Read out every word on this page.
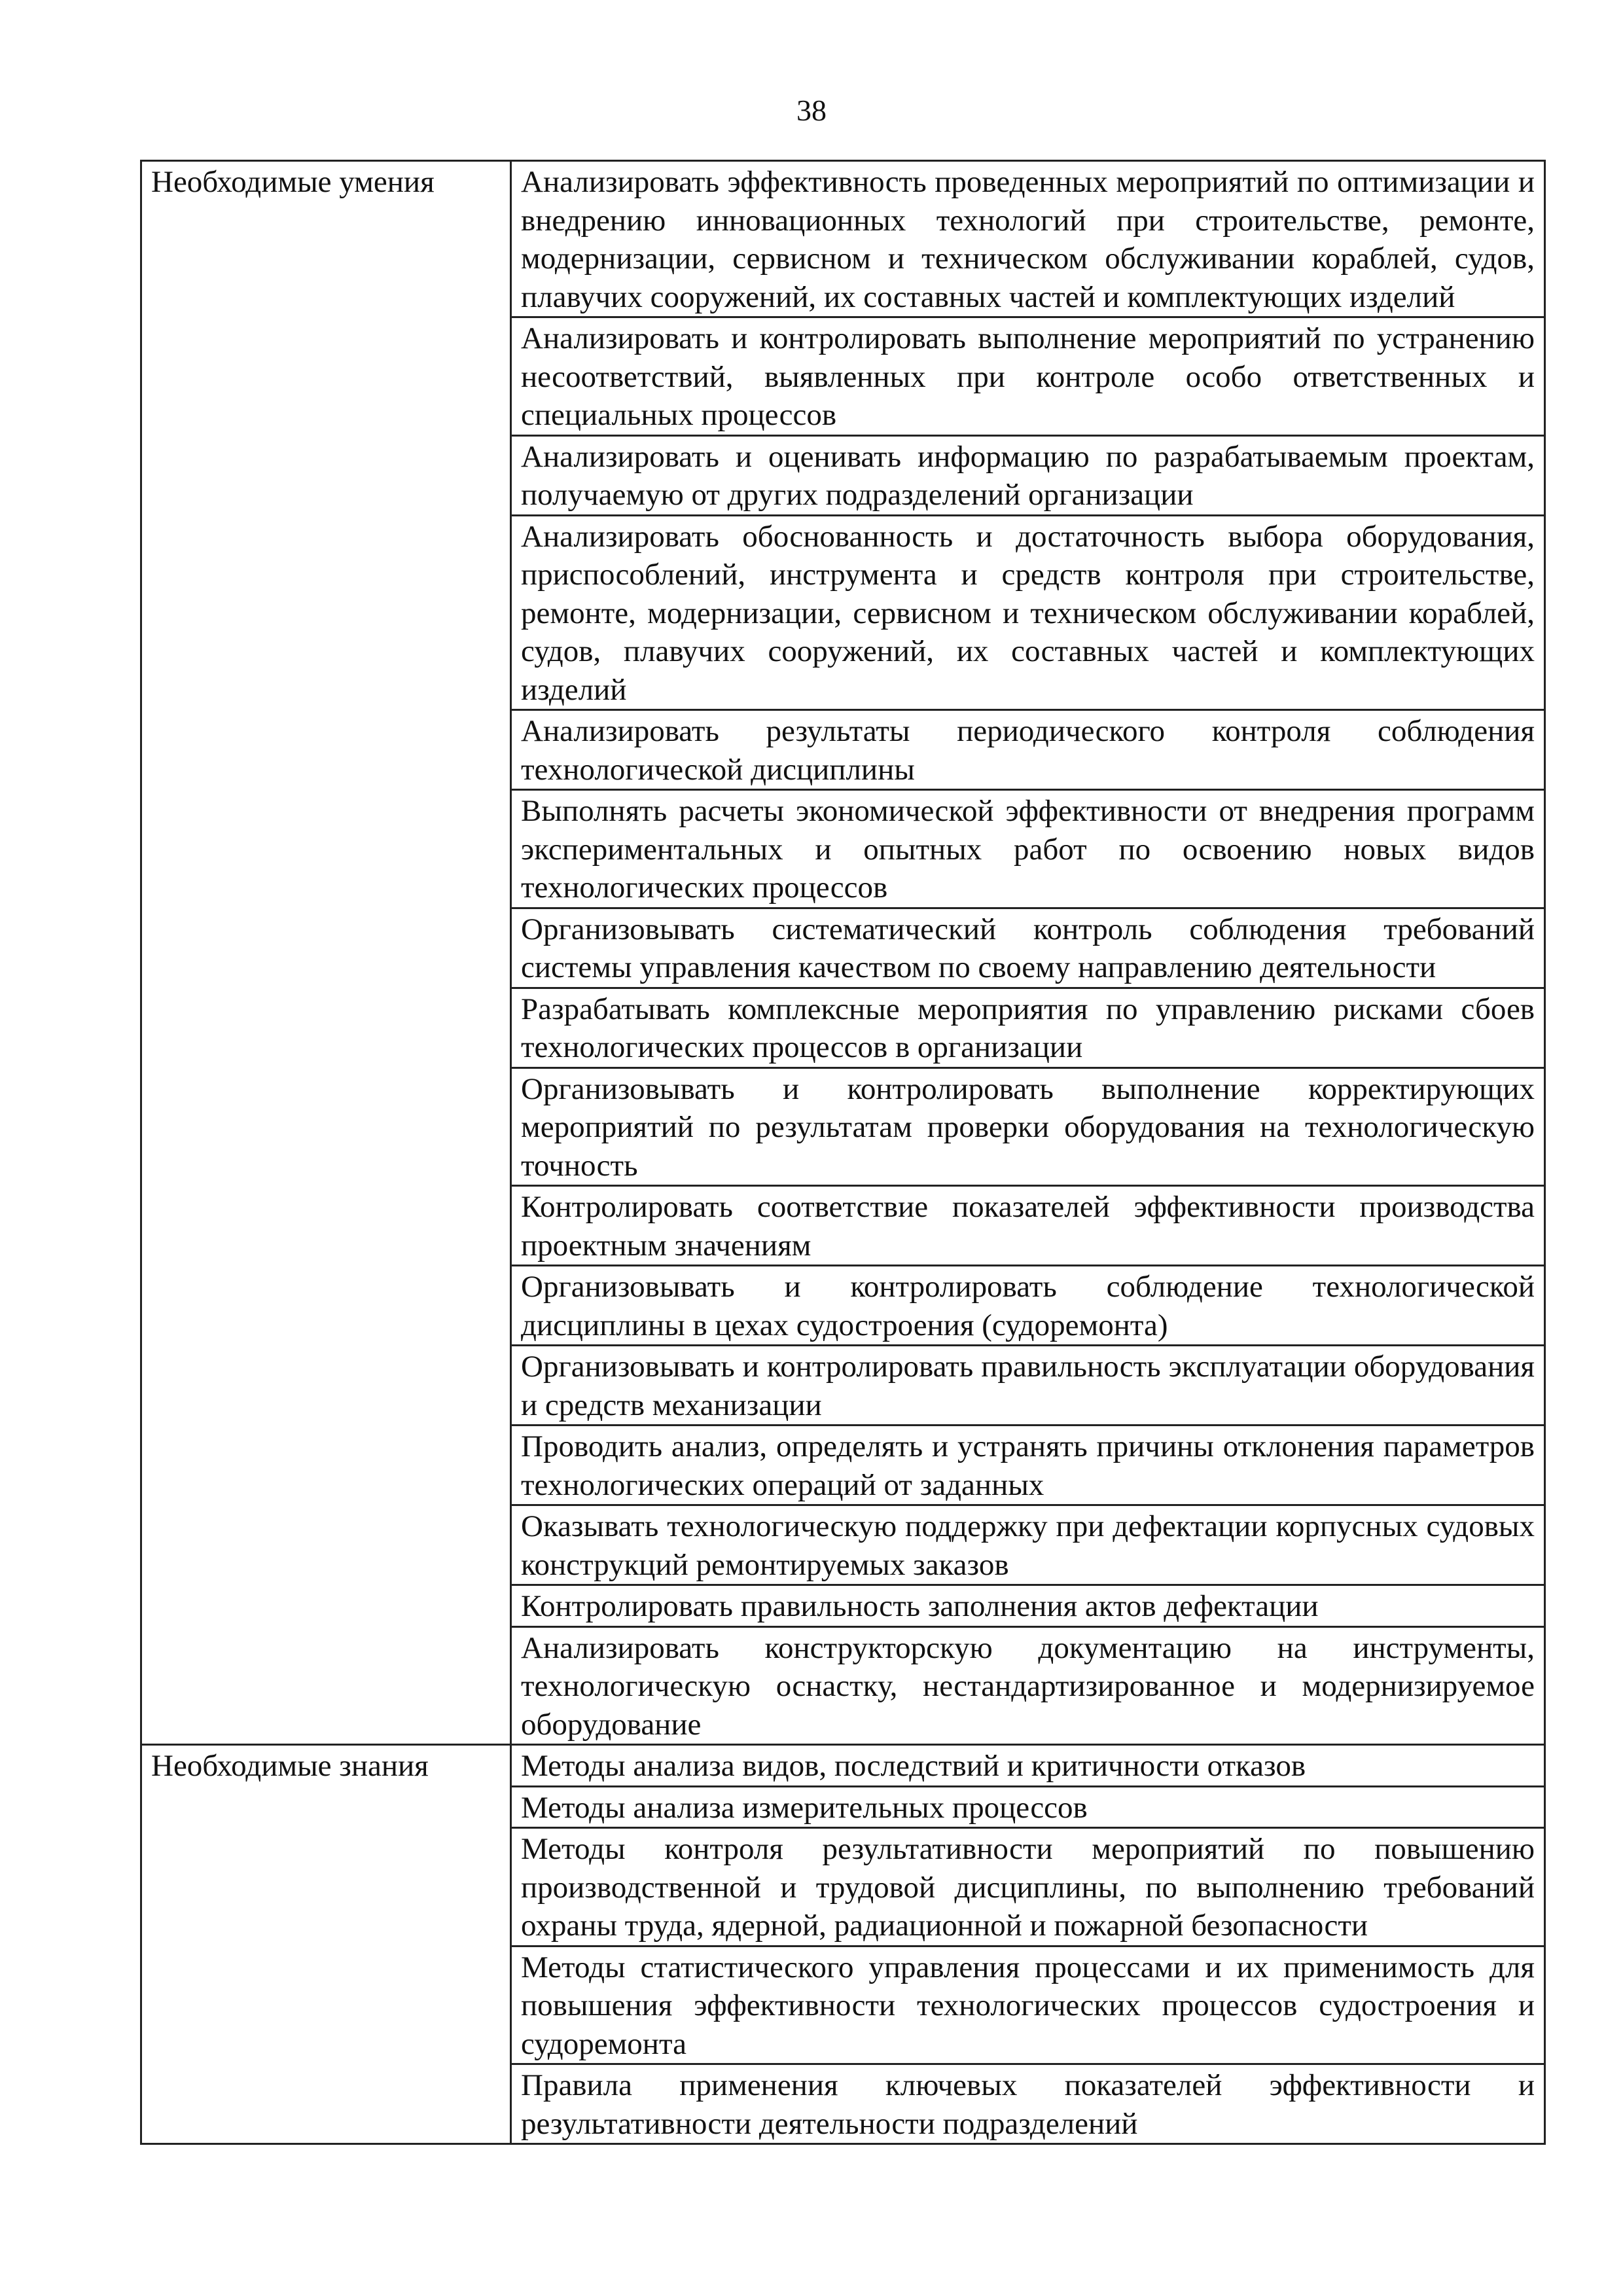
38
Необходимые умения	Анализировать эффективность проведенных мероприятий по оптимизации и внедрению инновационных технологий при строительстве, ремонте, модернизации, сервисном и техническом обслуживании кораблей, судов, плавучих сооружений, их составных частей и комплектующих изделий
	Анализировать и контролировать выполнение мероприятий по устранению несоответствий, выявленных при контроле особо ответственных и специальных процессов
	Анализировать и оценивать информацию по разрабатываемым проектам, получаемую от других подразделений организации
	Анализировать обоснованность и достаточность выбора оборудования, приспособлений, инструмента и средств контроля при строительстве, ремонте, модернизации, сервисном и техническом обслуживании кораблей, судов, плавучих сооружений, их составных частей и комплектующих изделий
	Анализировать результаты периодического контроля соблюдения технологической дисциплины
	Выполнять расчеты экономической эффективности от внедрения программ экспериментальных и опытных работ по освоению новых видов технологических процессов
	Организовывать систематический контроль соблюдения требований системы управления качеством по своему направлению деятельности
	Разрабатывать комплексные мероприятия по управлению рисками сбоев технологических процессов в организации
	Организовывать и контролировать выполнение корректирующих мероприятий по результатам проверки оборудования на технологическую точность
	Контролировать соответствие показателей эффективности производства проектным значениям
	Организовывать и контролировать соблюдение технологической дисциплины в цехах судостроения (судоремонта)
	Организовывать и контролировать правильность эксплуатации оборудования и средств механизации
	Проводить анализ, определять и устранять причины отклонения параметров технологических операций от заданных
	Оказывать технологическую поддержку при дефектации корпусных судовых конструкций ремонтируемых заказов
	Контролировать правильность заполнения актов дефектации
	Анализировать конструкторскую документацию на инструменты, технологическую оснастку, нестандартизированное и модернизируемое оборудование
Необходимые знания	Методы анализа видов, последствий и критичности отказов
	Методы анализа измерительных процессов
	Методы контроля результативности мероприятий по повышению производственной и трудовой дисциплины, по выполнению требований охраны труда, ядерной, радиационной и пожарной безопасности
	Методы статистического управления процессами и их применимость для повышения эффективности технологических процессов судостроения и судоремонта
	Правила применения ключевых показателей эффективности и результативности деятельности подразделений
